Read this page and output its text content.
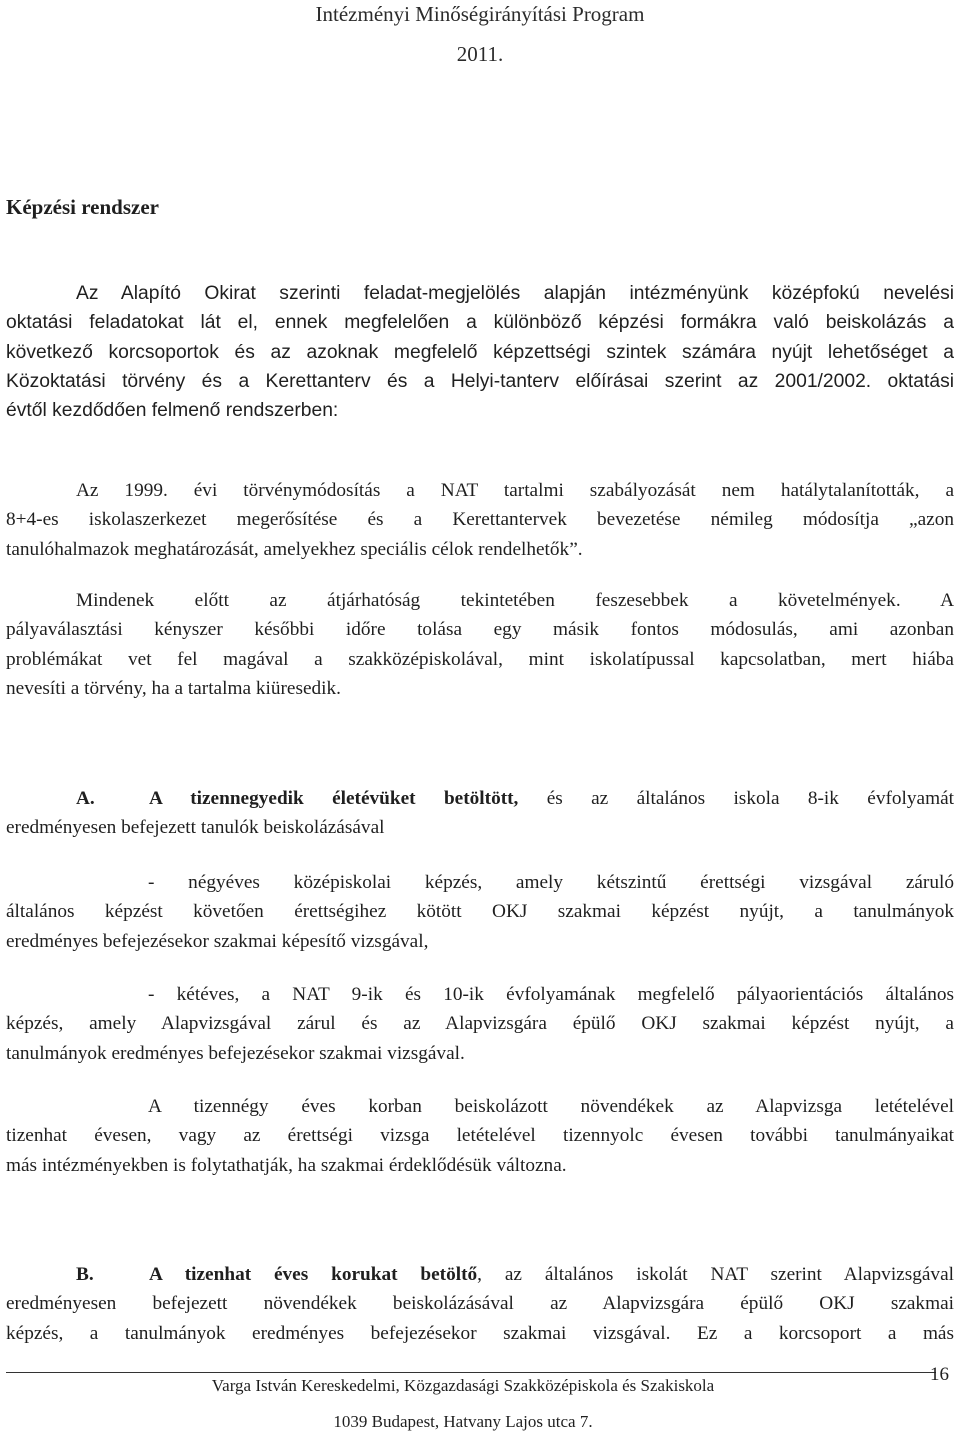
Intézményi Minőségirányítási Program
2011.
Képzési rendszer

Az Alapító Okirat szerinti feladat-megjelölés alapján intézményünk középfokú nevelési

oktatási feladatokat lát el, ennek megfelelően a különböző képzési formákra való beiskolázás a

következő korcsoportok és az azoknak megfelelő képzettségi szintek számára nyújt lehetőséget a

Közoktatási törvény és a Kerettanterv és a Helyi-tanterv előírásai szerint az 2001/2002. oktatási

évtől kezdődően felmenő rendszerben:

Az 1999. évi törvénymódosítás a NAT tartalmi szabályozását nem hatálytalanították, a

8+4-es iskolaszerkezet megerősítése és a Kerettantervek bevezetése némileg módosítja „azon

tanulóhalmazok meghatározását, amelyekhez speciális célok rendelhetők”.

Mindenek előtt az átjárhatóság tekintetében feszesebbek a követelmények. A

pályaválasztási kényszer későbbi időre tolása egy másik fontos módosulás, ami azonban

problémákat vet fel magával a szakközépiskolával, mint iskolatípussal kapcsolatban, mert hiába

nevesíti a törvény, ha a tartalma kiüresedik.

A.	A tizennegyedik életévüket betöltött, és az általános iskola 8-ik évfolyamát

eredményesen befejezett tanulók beiskolázásával

- négyéves középiskolai képzés, amely kétszintű érettségi vizsgával záruló

általános képzést követően érettségihez kötött OKJ szakmai képzést nyújt, a tanulmányok

eredményes befejezésekor szakmai képesítő vizsgával,

- kétéves, a NAT 9-ik és 10-ik évfolyamának megfelelő pályaorientációs általános

képzés, amely Alapvizsgával zárul és az Alapvizsgára épülő OKJ szakmai képzést nyújt, a

tanulmányok eredményes befejezésekor szakmai vizsgával.

A tizennégy éves korban beiskolázott növendékek az Alapvizsga letételével

tizenhat évesen, vagy az érettségi vizsga letételével tizennyolc évesen további tanulmányaikat

más intézményekben is folytathatják, ha szakmai érdeklődésük változna.

B.	A tizenhat éves korukat betöltő, az általános iskolát NAT szerint Alapvizsgával

eredményesen befejezett növendékek beiskolázásával az Alapvizsgára épülő OKJ szakmai

képzés, a tanulmányok eredményes befejezésekor szakmai vizsgával. Ez a korcsoport a más

16
Varga István Kereskedelmi, Közgazdasági Szakközépiskola és Szakiskola
1039 Budapest, Hatvany Lajos utca 7.
